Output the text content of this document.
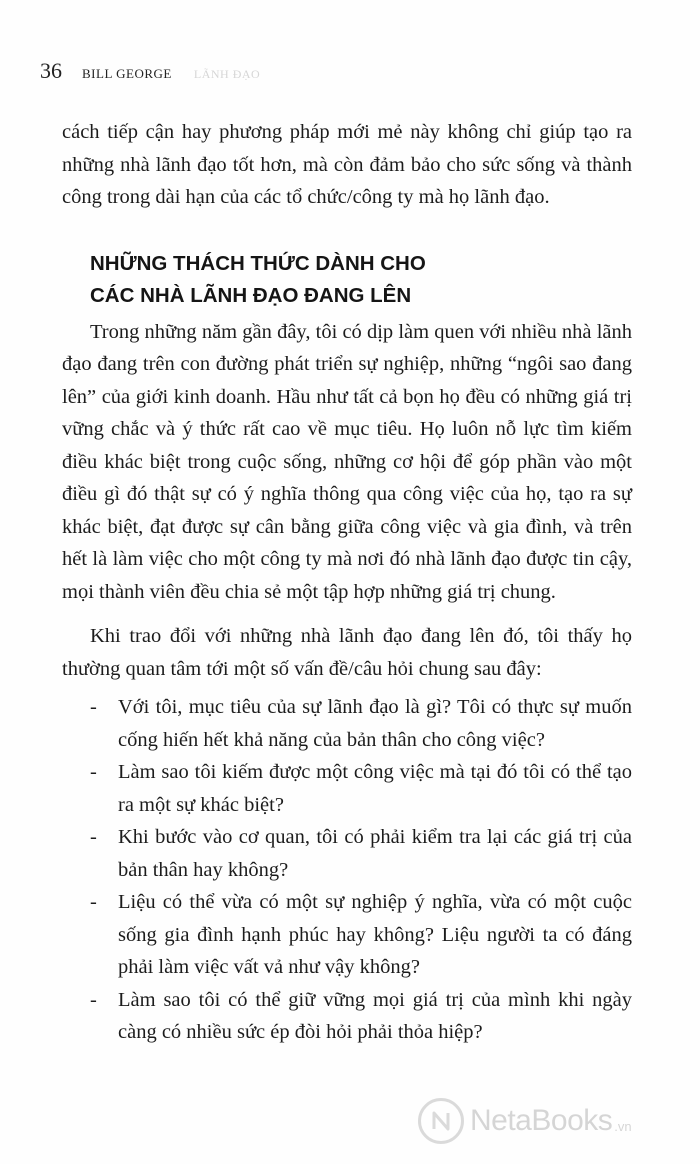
36 BILL GEORGE LÃNH ĐẠO

cách tiếp cận hay phương pháp mới mẻ này không chỉ giúp tạo ra những nhà lãnh đạo tốt hơn, mà còn đảm bảo cho sức sống và thành công trong dài hạn của các tổ chức/công ty mà họ lãnh đạo.

NHỮNG THÁCH THỨC DÀNH CHO
CÁC NHÀ LÃNH ĐẠO ĐANG LÊN

Trong những năm gần đây, tôi có dịp làm quen với nhiều nhà lãnh đạo đang trên con đường phát triển sự nghiệp, những “ngôi sao đang lên” của giới kinh doanh. Hầu như tất cả bọn họ đều có những giá trị vững chắc và ý thức rất cao về mục tiêu. Họ luôn nỗ lực tìm kiếm điều khác biệt trong cuộc sống, những cơ hội để góp phần vào một điều gì đó thật sự có ý nghĩa thông qua công việc của họ, tạo ra sự khác biệt, đạt được sự cân bằng giữa công việc và gia đình, và trên hết là làm việc cho một công ty mà nơi đó nhà lãnh đạo được tin cậy, mọi thành viên đều chia sẻ một tập hợp những giá trị chung.

Khi trao đổi với những nhà lãnh đạo đang lên đó, tôi thấy họ thường quan tâm tới một số vấn đề/câu hỏi chung sau đây:

-	Với tôi, mục tiêu của sự lãnh đạo là gì? Tôi có thực sự muốn cống hiến hết khả năng của bản thân cho công việc?
-	Làm sao tôi kiếm được một công việc mà tại đó tôi có thể tạo ra một sự khác biệt?
-	Khi bước vào cơ quan, tôi có phải kiểm tra lại các giá trị của bản thân hay không?
-	Liệu có thể vừa có một sự nghiệp ý nghĩa, vừa có một cuộc sống gia đình hạnh phúc hay không? Liệu người ta có đáng phải làm việc vất vả như vậy không?
-	Làm sao tôi có thể giữ vững mọi giá trị của mình khi ngày càng có nhiều sức ép đòi hỏi phải thỏa hiệp?
NetaBooks .vn
